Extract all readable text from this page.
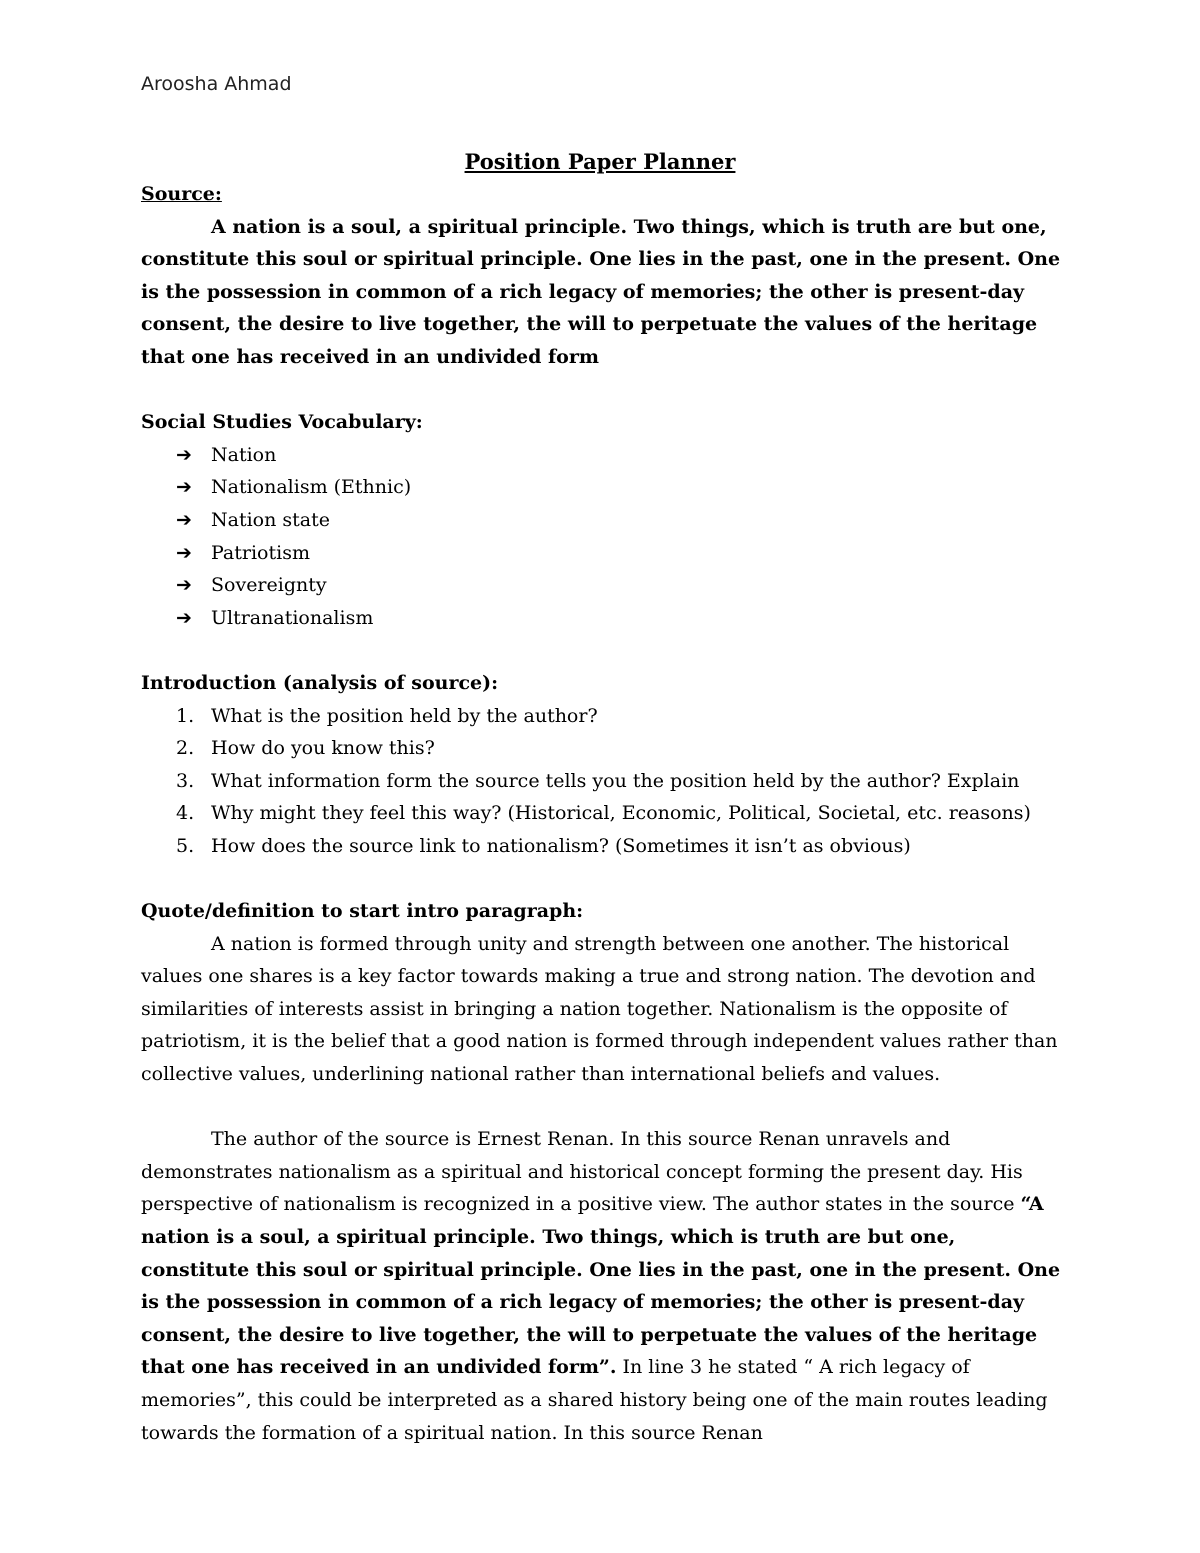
Aroosha Ahmad
Position Paper Planner

Source:

A nation is a soul, a spiritual principle. Two things, which is truth are but one, constitute this soul or spiritual principle. One lies in the past, one in the present. One is the possession in common of a rich legacy of memories; the other is present-day consent, the desire to live together, the will to perpetuate the values of the heritage that one has received in an undivided form

Social Studies Vocabulary:

➔	Nation
➔	Nationalism (Ethnic)
➔	Nation state
➔	Patriotism
➔	Sovereignty
➔	Ultranationalism

Introduction (analysis of source):

1. What is the position held by the author?
2. How do you know this?
3. What information form the source tells you the position held by the author? Explain
4. Why might they feel this way? (Historical, Economic, Political, Societal, etc. reasons)
5. How does the source link to nationalism? (Sometimes it isn’t as obvious)

Quote/definition to start intro paragraph:

A nation is formed through unity and strength between one another. The historical values one shares is a key factor towards making a true and strong nation. The devotion and similarities of interests assist in bringing a nation together. Nationalism is the opposite of patriotism, it is the belief that a good nation is formed through independent values rather than collective values, underlining national rather than international beliefs and values.

The author of the source is Ernest Renan. In this source Renan unravels and demonstrates nationalism as a spiritual and historical concept forming the present day. His perspective of nationalism is recognized in a positive view. The author states in the source “A nation is a soul, a spiritual principle. Two things, which is truth are but one, constitute this soul or spiritual principle. One lies in the past, one in the present. One is the possession in common of a rich legacy of memories; the other is present-day consent, the desire to live together, the will to perpetuate the values of the heritage that one has received in an undivided form”. In line 3 he stated “ A rich legacy of memories”, this could be interpreted as a shared history being one of the main routes leading towards the formation of a spiritual nation. In this source Renan
